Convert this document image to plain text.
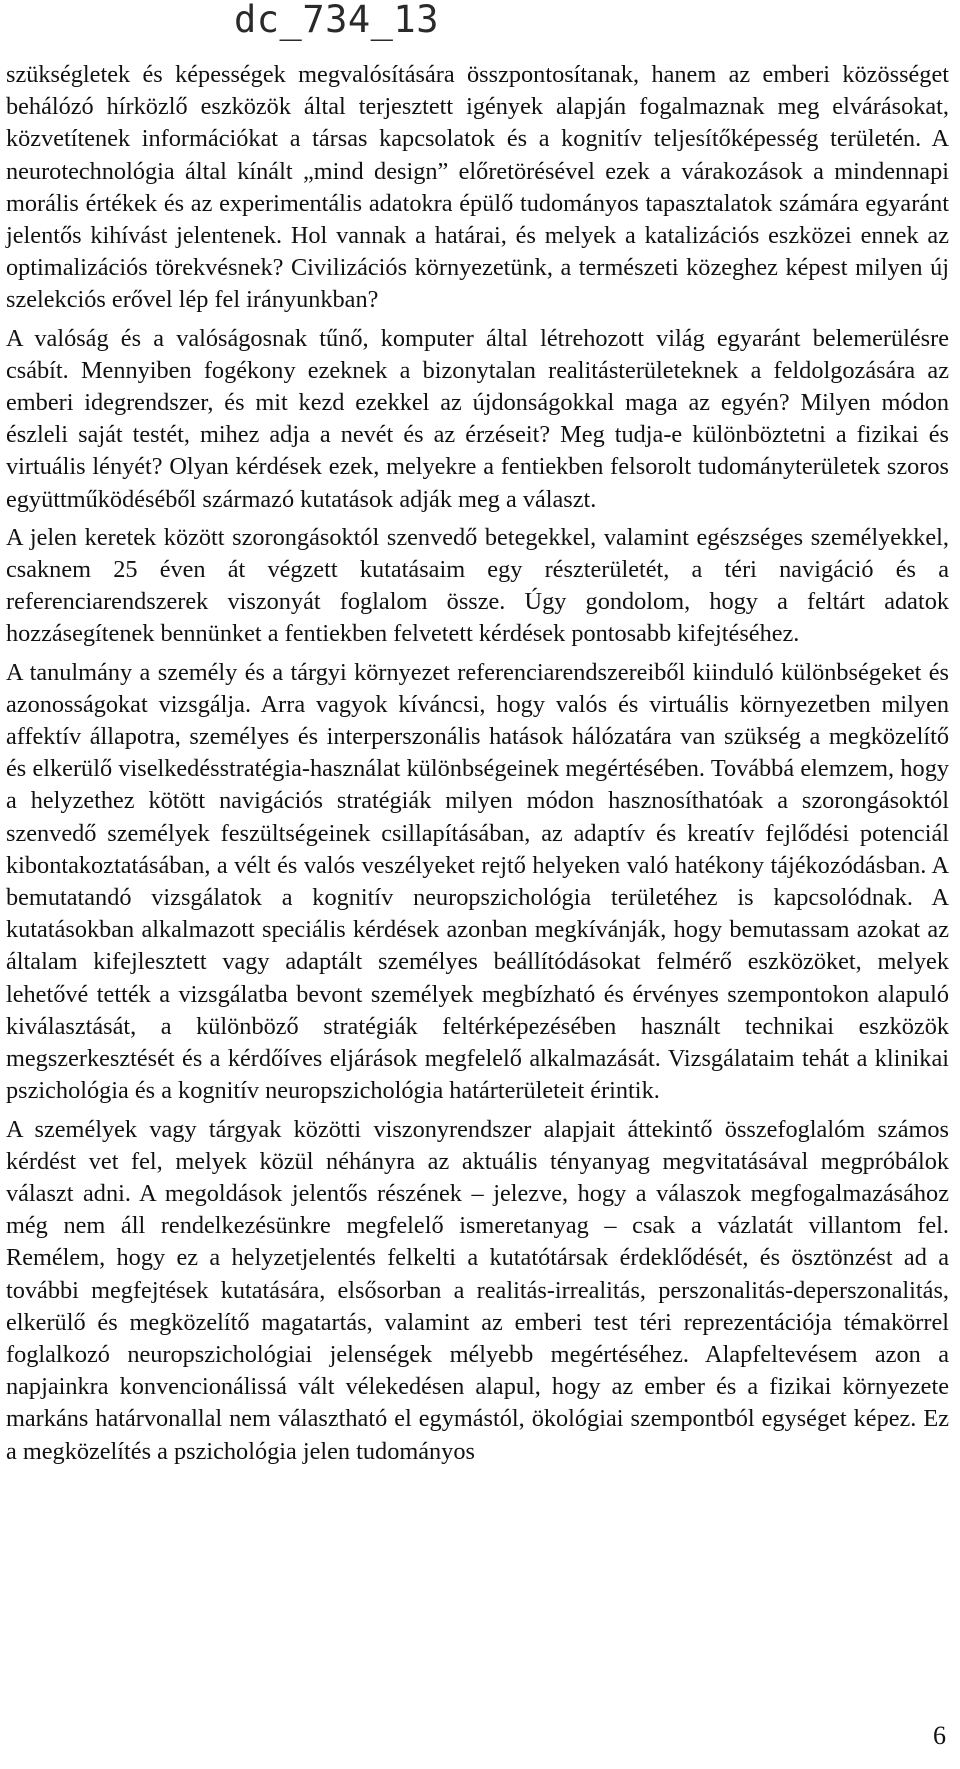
dc_734_13

szükségletek és képességek megvalósítására összpontosítanak, hanem az emberi közösséget behálózó hírközlő eszközök által terjesztett igények alapján fogalmaznak meg elvárásokat, közvetítenek információkat a társas kapcsolatok és a kognitív teljesítőképesség területén. A neurotechnológia által kínált „mind design” előretörésével ezek a várakozások a mindennapi morális értékek és az experimentális adatokra épülő tudományos tapasztalatok számára egyaránt jelentős kihívást jelentenek. Hol vannak a határai, és melyek a katalizációs eszközei ennek az optimalizációs törekvésnek? Civilizációs környezetünk, a természeti közeghez képest milyen új szelekciós erővel lép fel irányunkban?

A valóság és a valóságosnak tűnő, komputer által létrehozott világ egyaránt belemerülésre csábít. Mennyiben fogékony ezeknek a bizonytalan realitásterületeknek a feldolgozására az emberi idegrendszer, és mit kezd ezekkel az újdonságokkal maga az egyén? Milyen módon észleli saját testét, mihez adja a nevét és az érzéseit? Meg tudja-e különböztetni a fizikai és virtuális lényét? Olyan kérdések ezek, melyekre a fentiekben felsorolt tudományterületek szoros együttműködéséből származó kutatások adják meg a választ.

A jelen keretek között szorongásoktól szenvedő betegekkel, valamint egészséges személyekkel, csaknem 25 éven át végzett kutatásaim egy részterületét, a téri navigáció és a referenciarendszerek viszonyát foglalom össze. Úgy gondolom, hogy a feltárt adatok hozzásegítenek bennünket a fentiekben felvetett kérdések pontosabb kifejtéséhez.

A tanulmány a személy és a tárgyi környezet referenciarendszereiből kiinduló különbségeket és azonosságokat vizsgálja. Arra vagyok kíváncsi, hogy valós és virtuális környezetben milyen affektív állapotra, személyes és interperszonális hatások hálózatára van szükség a megközelítő és elkerülő viselkedésstratégia-használat különbségeinek megértésében. Továbbá elemzem, hogy a helyzethez kötött navigációs stratégiák milyen módon hasznosíthatóak a szorongásoktól szenvedő személyek feszültségeinek csillapításában, az adaptív és kreatív fejlődési potenciál kibontakoztatásában, a vélt és valós veszélyeket rejtő helyeken való hatékony tájékozódásban. A bemutatandó vizsgálatok a kognitív neuropszichológia területéhez is kapcsolódnak. A kutatásokban alkalmazott speciális kérdések azonban megkívánják, hogy bemutassam azokat az általam kifejlesztett vagy adaptált személyes beállítódásokat felmérő eszközöket, melyek lehetővé tették a vizsgálatba bevont személyek megbízható és érvényes szempontokon alapuló kiválasztását, a különböző stratégiák feltérképezésében használt technikai eszközök megszerkesztését és a kérdőíves eljárások megfelelő alkalmazását. Vizsgálataim tehát a klinikai pszichológia és a kognitív neuropszichológia határterületeit érintik.

A személyek vagy tárgyak közötti viszonyrendszer alapjait áttekintő összefoglalóm számos kérdést vet fel, melyek közül néhányra az aktuális tényanyag megvitatásával megpróbálok választ adni. A megoldások jelentős részének – jelezve, hogy a válaszok megfogalmazásához még nem áll rendelkezésünkre megfelelő ismeretanyag – csak a vázlatát villantom fel. Remélem, hogy ez a helyzetjelentés felkelti a kutatótársak érdeklődését, és ösztönzést ad a további megfejtések kutatására, elsősorban a realitás-irrealitás, perszonalitás-deperszonalitás, elkerülő és megközelítő magatartás, valamint az emberi test téri reprezentációja témakörrel foglalkozó neuropszichológiai jelenségek mélyebb megértéséhez. Alapfeltevésem azon a napjainkra konvencionálissá vált vélekedésen alapul, hogy az ember és a fizikai környezete markáns határvonallal nem választható el egymástól, ökológiai szempontból egységet képez. Ez a megközelítés a pszichológia jelen tudományos

6
